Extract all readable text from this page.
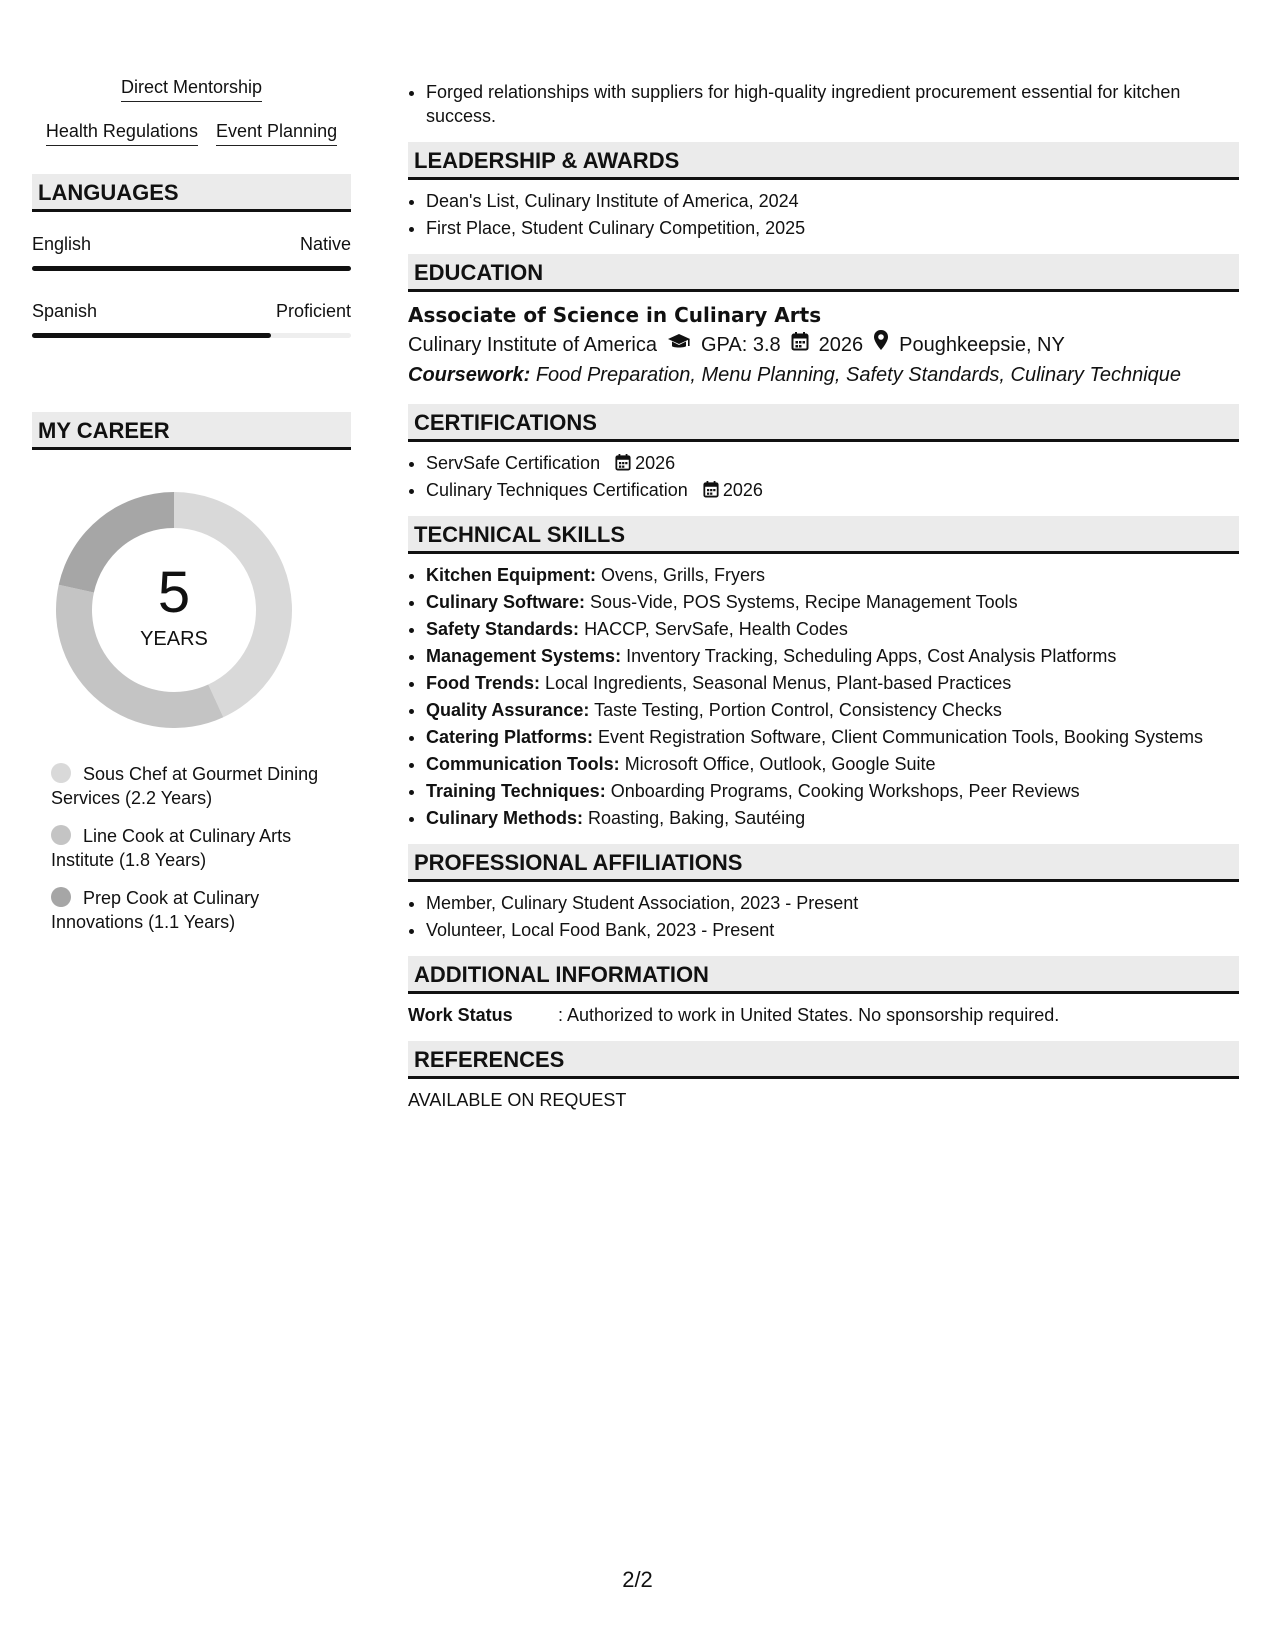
Direct Mentorship
Health Regulations Event Planning
LANGUAGES
English	Native
Spanish	Proficient
MY CAREER
5
YEARS
Sous Chef at Gourmet Dining Services (2.2 Years)
Line Cook at Culinary Arts Institute (1.8 Years)
Prep Cook at Culinary Innovations (1.1 Years)
• Forged relationships with suppliers for high-quality ingredient procurement essential for kitchen success.
LEADERSHIP & AWARDS
• Dean's List, Culinary Institute of America, 2024
• First Place, Student Culinary Competition, 2025
EDUCATION
Associate of Science in Culinary Arts
Culinary Institute of America GPA: 3.8 2026 Poughkeepsie, NY
Coursework: Food Preparation, Menu Planning, Safety Standards, Culinary Technique
CERTIFICATIONS
• ServSafe Certification 2026
• Culinary Techniques Certification 2026
TECHNICAL SKILLS
• Kitchen Equipment: Ovens, Grills, Fryers
• Culinary Software: Sous-Vide, POS Systems, Recipe Management Tools
• Safety Standards: HACCP, ServSafe, Health Codes
• Management Systems: Inventory Tracking, Scheduling Apps, Cost Analysis Platforms
• Food Trends: Local Ingredients, Seasonal Menus, Plant-based Practices
• Quality Assurance: Taste Testing, Portion Control, Consistency Checks
• Catering Platforms: Event Registration Software, Client Communication Tools, Booking Systems
• Communication Tools: Microsoft Office, Outlook, Google Suite
• Training Techniques: Onboarding Programs, Cooking Workshops, Peer Reviews
• Culinary Methods: Roasting, Baking, Sautéing
PROFESSIONAL AFFILIATIONS
• Member, Culinary Student Association, 2023 - Present
• Volunteer, Local Food Bank, 2023 - Present
ADDITIONAL INFORMATION
Work Status	: Authorized to work in United States. No sponsorship required.
REFERENCES
AVAILABLE ON REQUEST
2/2
